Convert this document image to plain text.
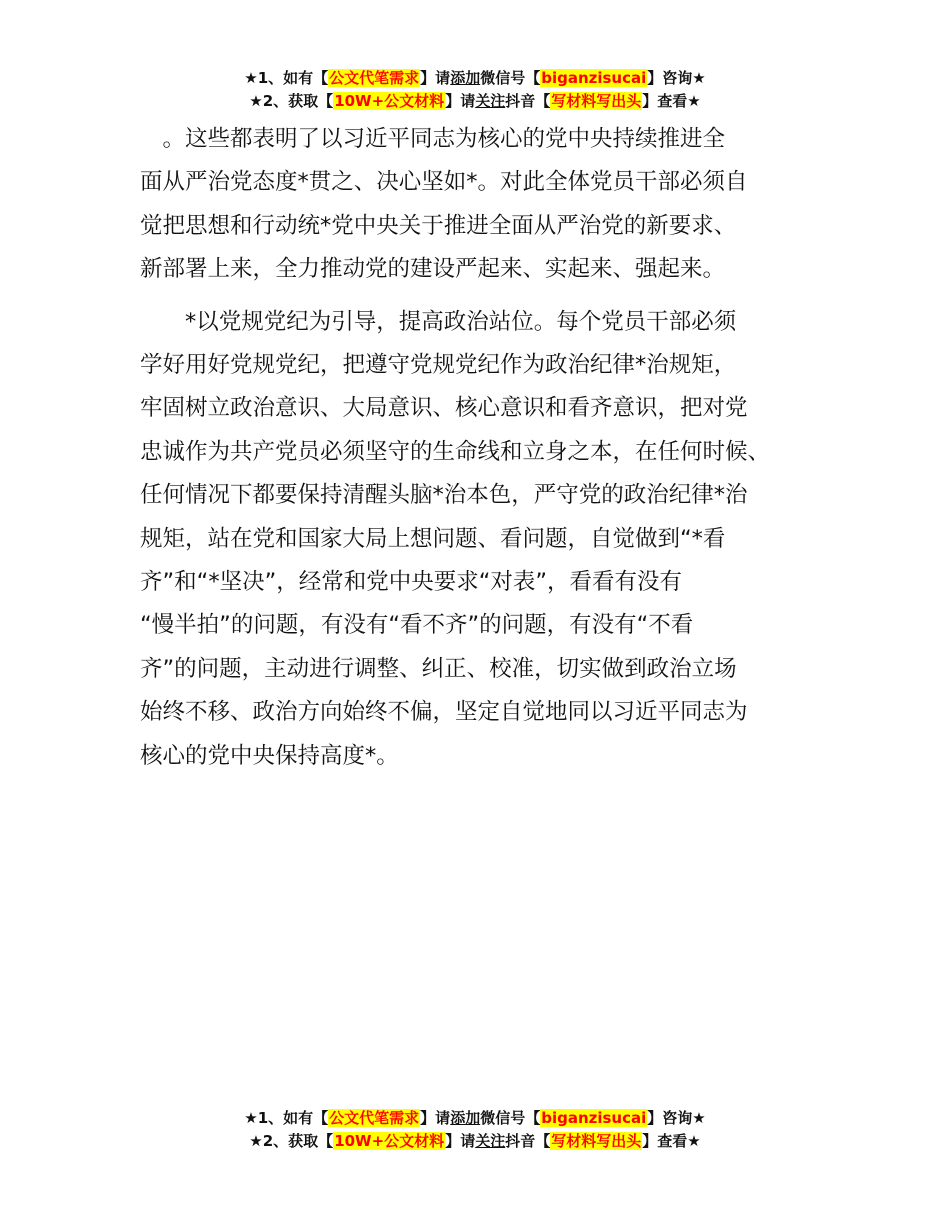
★1、如有【公文代笔需求】请添加微信号【biganzisucai】咨询★
★2、获取【10W+公文材料】请关注抖音【写材料写出头】查看★

　。这些都表明了以习近平同志为核心的党中央持续推进全

面从严治党态度*贯之、决心坚如*。对此全体党员干部必须自

觉把思想和行动统*党中央关于推进全面从严治党的新要求、

新部署上来，全力推动党的建设严起来、实起来、强起来。

　　*以党规党纪为引导，提高政治站位。每个党员干部必须

学好用好党规党纪，把遵守党规党纪作为政治纪律*治规矩，

牢固树立政治意识、大局意识、核心意识和看齐意识，把对党

忠诚作为共产党员必须坚守的生命线和立身之本，在任何时候、

任何情况下都要保持清醒头脑*治本色，严守党的政治纪律*治

规矩，站在党和国家大局上想问题、看问题，自觉做到“*看

齐”和“*坚决”，经常和党中央要求“对表”，看看有没有

“慢半拍”的问题，有没有“看不齐”的问题，有没有“不看

齐”的问题，主动进行调整、纠正、校准，切实做到政治立场

始终不移、政治方向始终不偏，坚定自觉地同以习近平同志为

核心的党中央保持高度*。

★1、如有【公文代笔需求】请添加微信号【biganzisucai】咨询★
★2、获取【10W+公文材料】请关注抖音【写材料写出头】查看★
